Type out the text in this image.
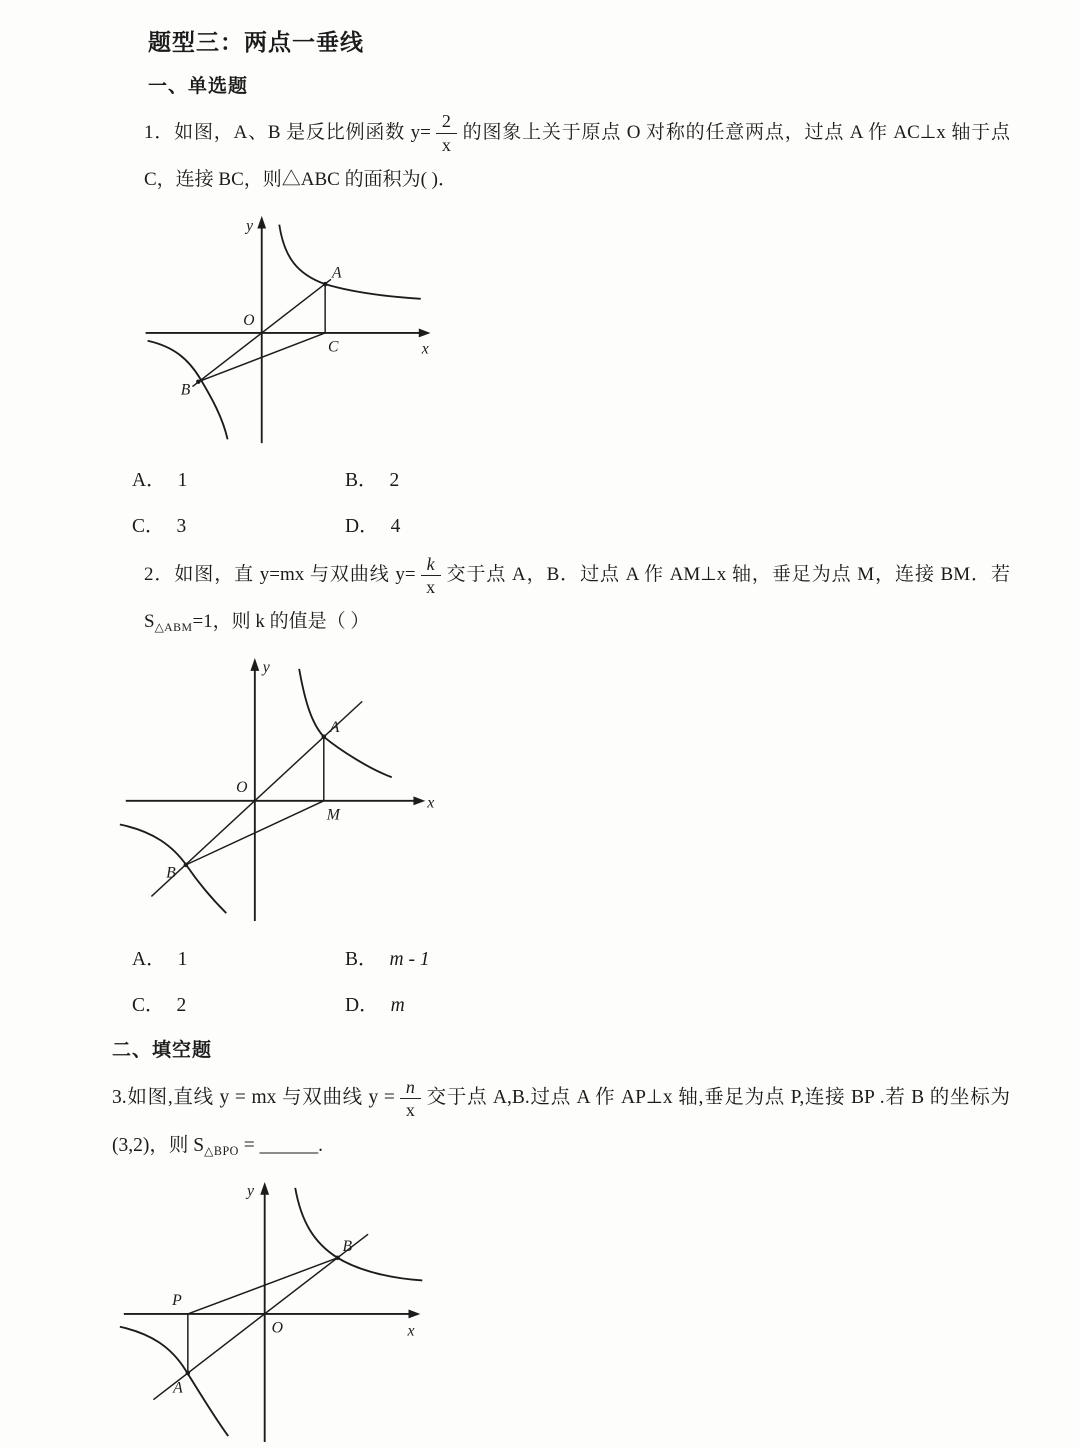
题型三：两点一垂线
一、单选题

1．如图，A、B 是反比例函数 $y= \frac{2}{x}$ 的图象上关于原点 O 对称的任意两点，过点 A 作 AC⊥x 轴于点 C，连接 BC，则△ABC 的面积为( )．

y
x
O
A
B
C
A． 1	B． 2
C． 3	D． 4

2．如图，直 y=mx 与双曲线 $y= \frac{k}{x}$ 交于点 A，B．过点 A 作 AM⊥x 轴，垂足为点 M，连接 BM．若 $S_{\triangle ABM}=1$，则 k 的值是（ ）

y
x
O
A
B
M
A． 1	B． m - 1
C． 2	D． m
二、填空题

3.如图,直线 y = mx 与双曲线 $y = \frac{n}{x}$ 交于点 A,B.过点 A 作 AP⊥x 轴,垂足为点 P,连接 BP .若 B 的坐标为(3,2)，则 $S_{\triangle BPO}$ = ______.

y
x
O
B
P
A
